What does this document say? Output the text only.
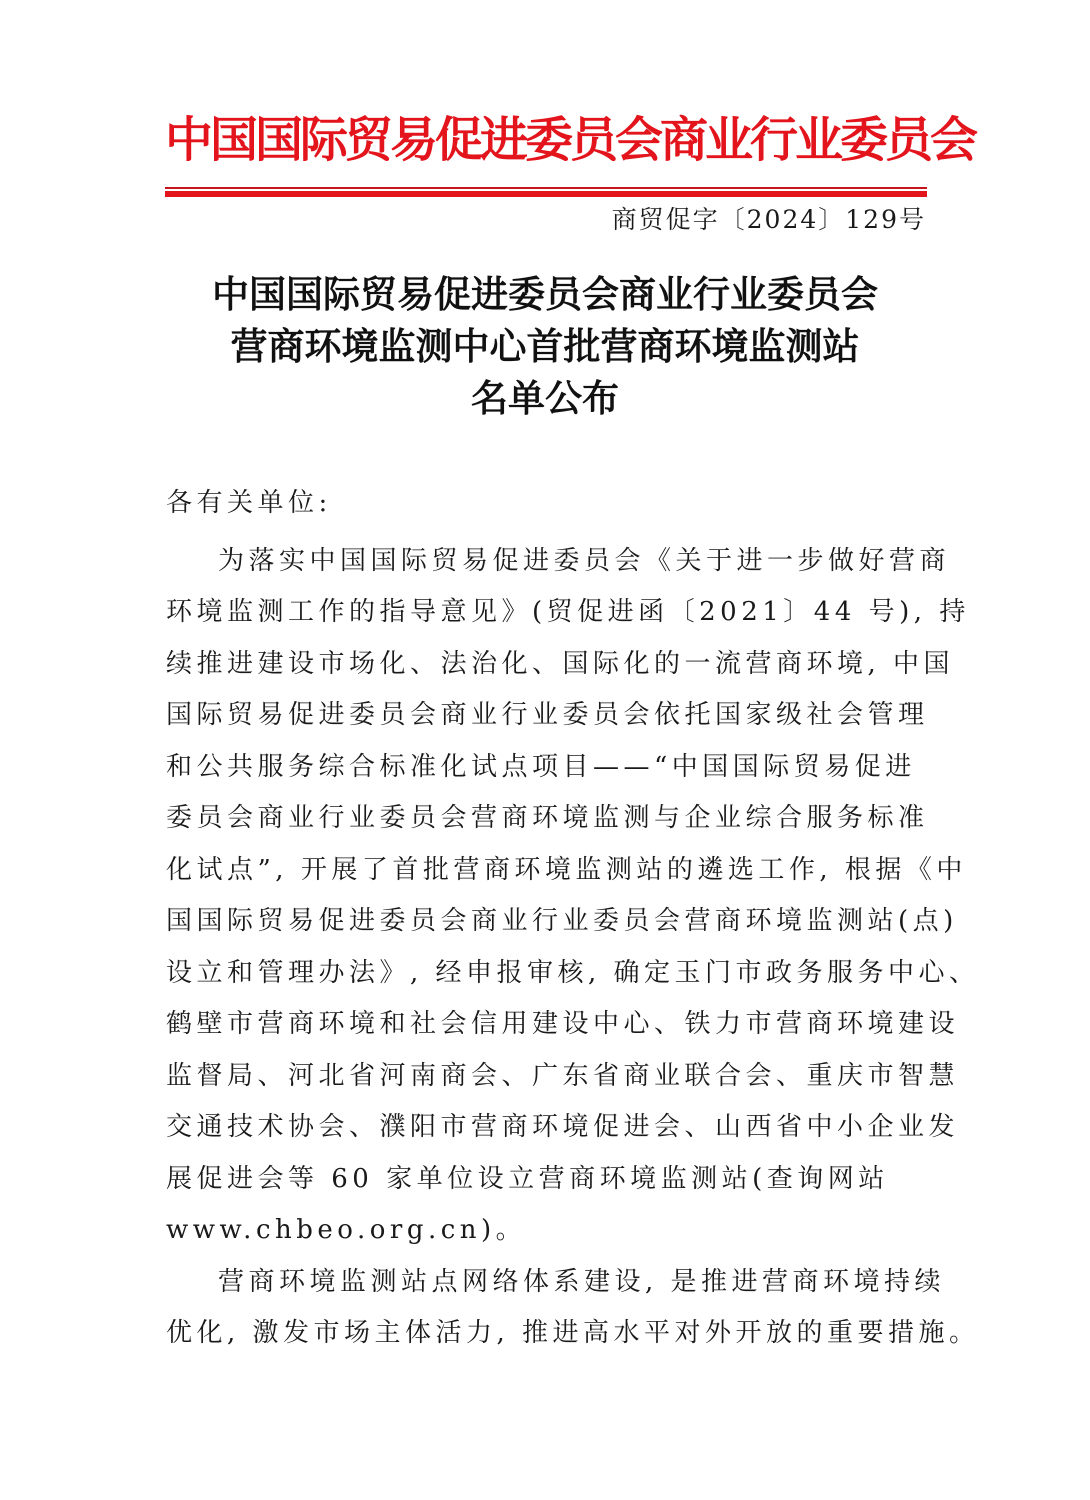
中国国际贸易促进委员会商业行业委员会
商贸促字〔2024〕129号
中国国际贸易促进委员会商业行业委员会
营商环境监测中心首批营商环境监测站
名单公布
各有关单位:
为落实中国国际贸易促进委员会《关于进一步做好营商
环境监测工作的指导意见》(贸促进函〔2021〕44 号), 持
续推进建设市场化、法治化、国际化的一流营商环境, 中国
国际贸易促进委员会商业行业委员会依托国家级社会管理
和公共服务综合标准化试点项目——“中国国际贸易促进
委员会商业行业委员会营商环境监测与企业综合服务标准
化试点”, 开展了首批营商环境监测站的遴选工作, 根据《中
国国际贸易促进委员会商业行业委员会营商环境监测站(点)
设立和管理办法》, 经申报审核, 确定玉门市政务服务中心、
鹤壁市营商环境和社会信用建设中心、铁力市营商环境建设
监督局、河北省河南商会、广东省商业联合会、重庆市智慧
交通技术协会、濮阳市营商环境促进会、山西省中小企业发
展促进会等 60 家单位设立营商环境监测站(查询网站
www.chbeo.org.cn)。
营商环境监测站点网络体系建设, 是推进营商环境持续
优化, 激发市场主体活力, 推进高水平对外开放的重要措施。
